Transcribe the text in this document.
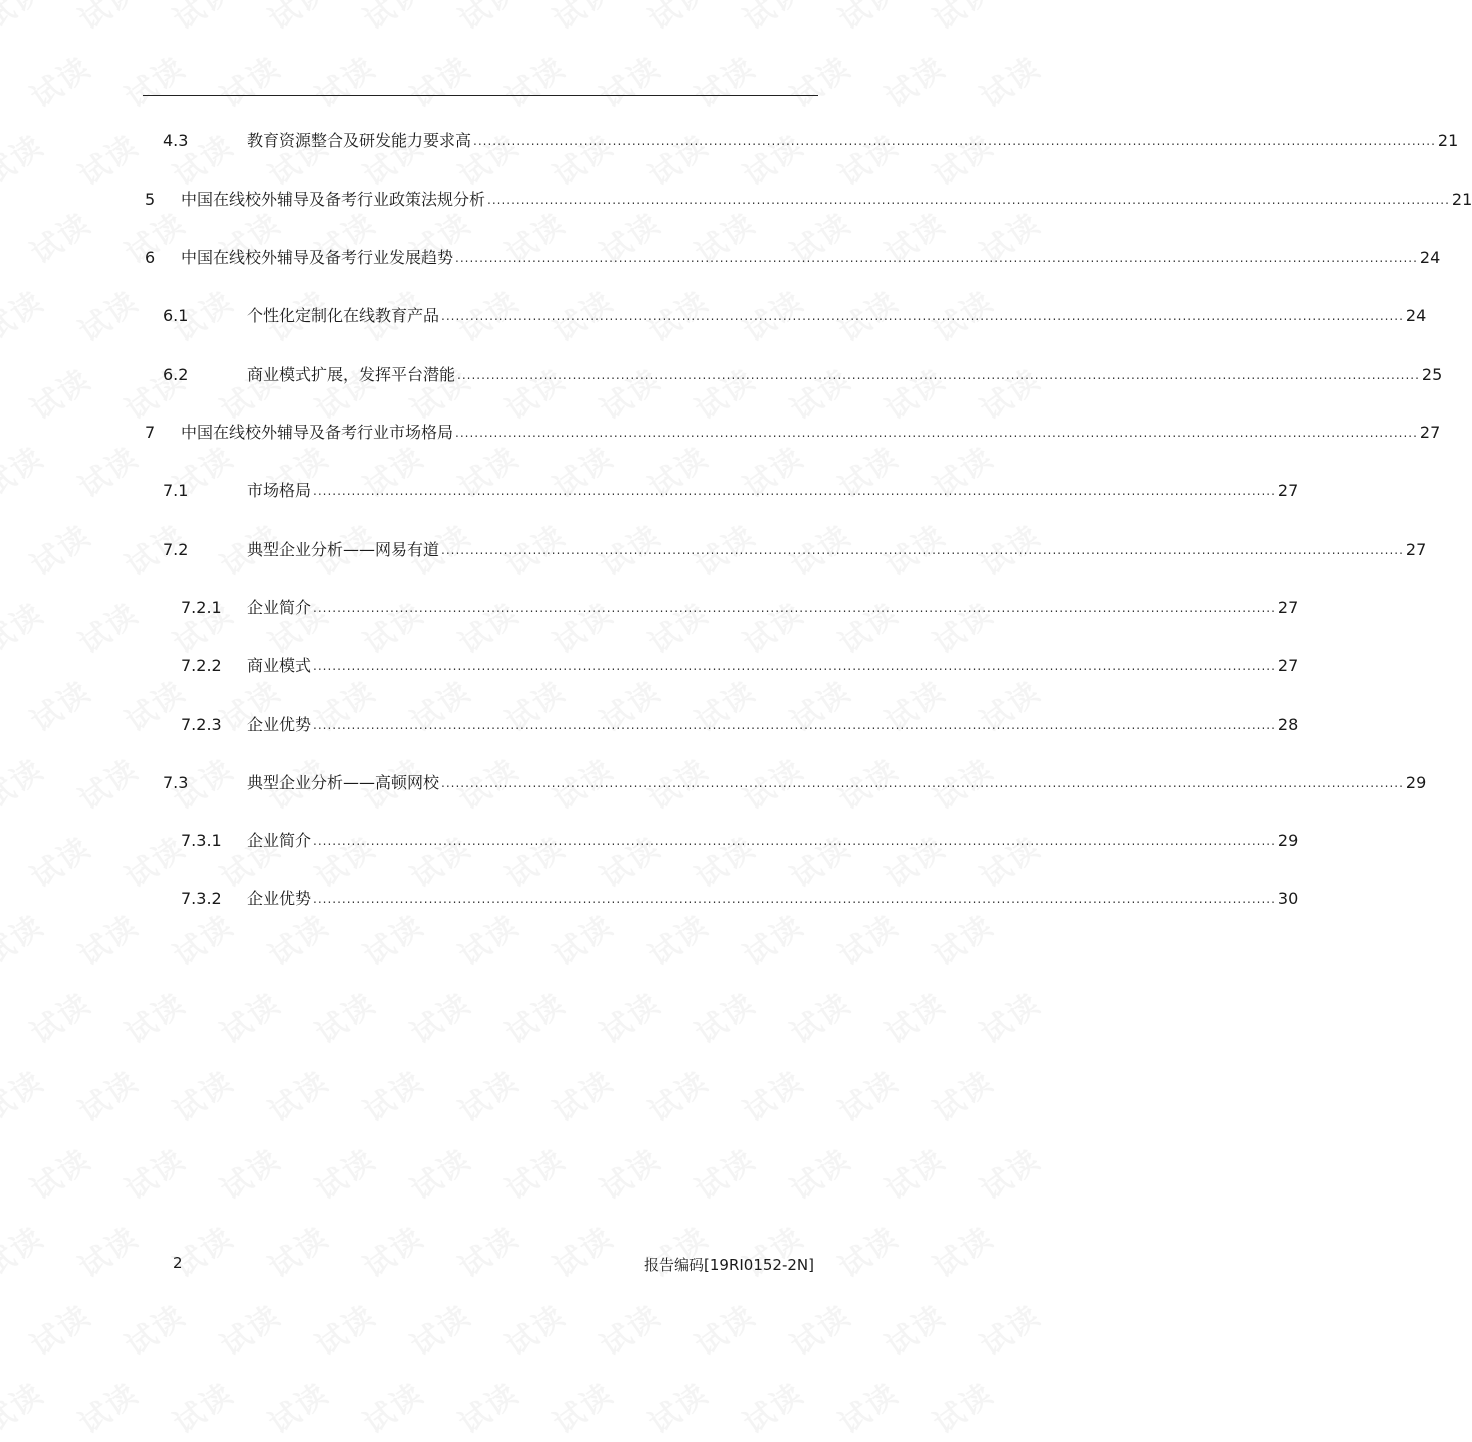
4.3	教育资源整合及研发能力要求高 ........................................................................................................................................................................................................ 21
5 中国在线校外辅导及备考行业政策法规分析 ........................................................................................................................................................................................................ 21
6 中国在线校外辅导及备考行业发展趋势 ........................................................................................................................................................................................................ 24
6.1	个性化定制化在线教育产品 ........................................................................................................................................................................................................ 24
6.2	商业模式扩展，发挥平台潜能 ........................................................................................................................................................................................................ 25
7 中国在线校外辅导及备考行业市场格局 ........................................................................................................................................................................................................ 27
7.1	市场格局 ........................................................................................................................................................................................................ 27
7.2	典型企业分析——网易有道 ........................................................................................................................................................................................................ 27
7.2.1 企业简介 ........................................................................................................................................................................................................ 27
7.2.2 商业模式 ........................................................................................................................................................................................................ 27
7.2.3 企业优势 ........................................................................................................................................................................................................ 28
7.3	典型企业分析——高顿网校 ........................................................................................................................................................................................................ 29
7.3.1 企业简介 ........................................................................................................................................................................................................ 29
7.3.2 企业优势 ........................................................................................................................................................................................................ 30
2	报告编码[19RI0152-2N]
